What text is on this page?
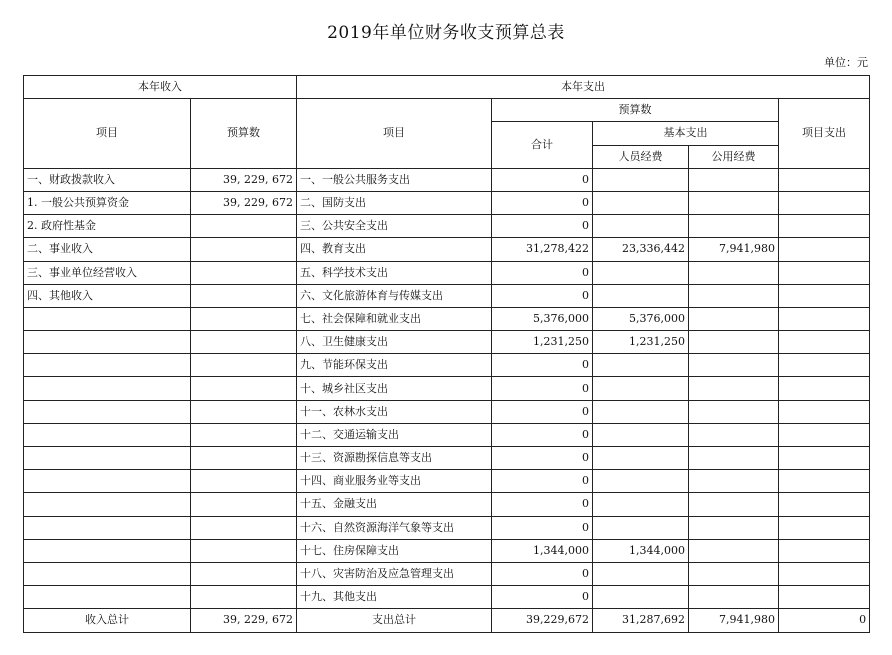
2019年单位财务收支预算总表
单位：元
本年收入		本年支出				
项目	预算数	项目	预算数			项目支出
			合计	基本支出		
				人员经费	公用经费	
一、财政拨款收入	39, 229, 672	一、一般公共服务支出	0			
1. 一般公共预算资金	39, 229, 672	二、国防支出	0			
2. 政府性基金		三、公共安全支出	0			
二、事业收入		四、教育支出	31,278,422	23,336,442	7,941,980	
三、事业单位经营收入		五、科学技术支出	0			
四、其他收入		六、文化旅游体育与传媒支出	0			
		七、社会保障和就业支出	5,376,000	5,376,000		
		八、卫生健康支出	1,231,250	1,231,250		
		九、节能环保支出	0			
		十、城乡社区支出	0			
		十一、农林水支出	0			
		十二、交通运输支出	0			
		十三、资源勘探信息等支出	0			
		十四、商业服务业等支出	0			
		十五、金融支出	0			
		十六、自然资源海洋气象等支出	0			
		十七、住房保障支出	1,344,000	1,344,000		
		十八、灾害防治及应急管理支出	0			
		十九、其他支出	0			
收入总计	39, 229, 672	支出总计	39,229,672	31,287,692	7,941,980	0
